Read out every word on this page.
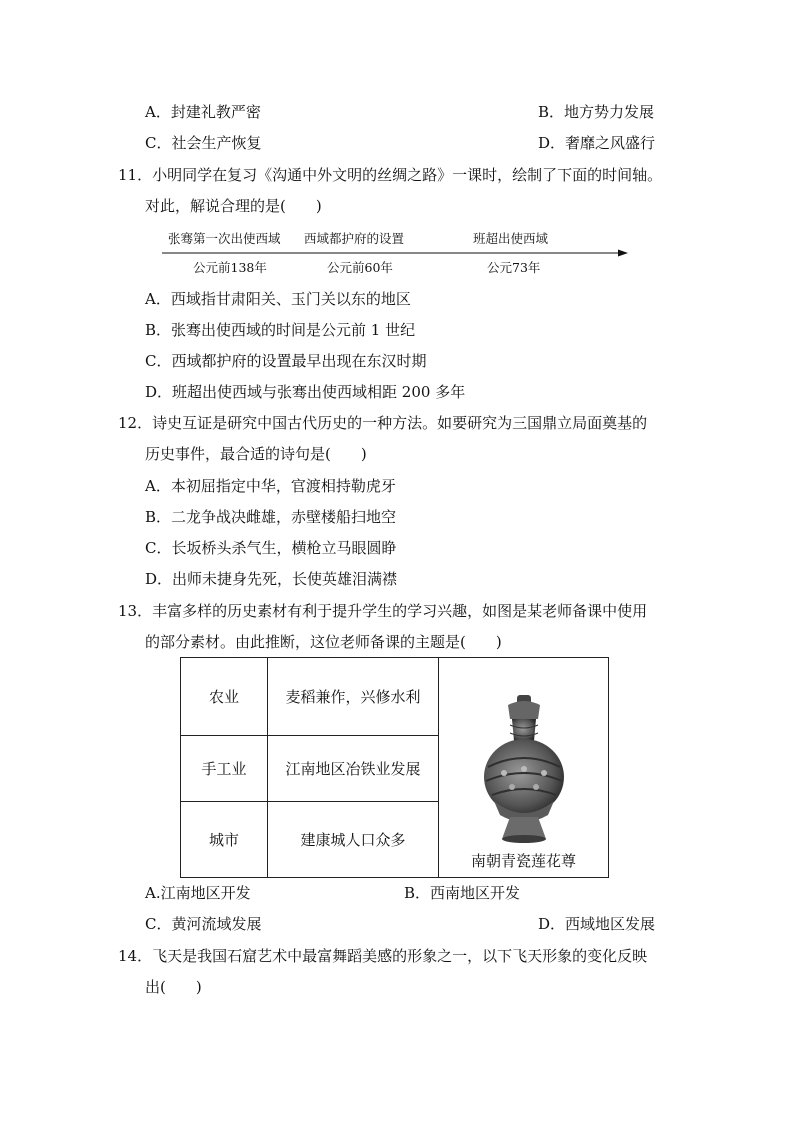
A．封建礼教严密	B．地方势力发展
C．社会生产恢复	D．奢靡之风盛行
11．小明同学在复习《沟通中外文明的丝绸之路》一课时，绘制了下面的时间轴。
对此，解说合理的是(　　)
张骞第一次出使西域 西域都护府的设置	班超出使西域
公元前138年	公元前60年	公元73年
A．西域指甘肃阳关、玉门关以东的地区
B．张骞出使西域的时间是公元前 1 世纪
C．西域都护府的设置最早出现在东汉时期
D．班超出使西域与张骞出使西域相距 200 多年
12．诗史互证是研究中国古代历史的一种方法。如要研究为三国鼎立局面奠基的
历史事件，最合适的诗句是(　　)
A．本初屈指定中华，官渡相持勒虎牙
B．二龙争战决雌雄，赤壁楼船扫地空
C．长坂桥头杀气生，横枪立马眼圆睁
D．出师未捷身先死，长使英雄泪满襟
13．丰富多样的历史素材有利于提升学生的学习兴趣，如图是某老师备课中使用
的部分素材。由此推断，这位老师备课的主题是(　　)
农业	麦稻兼作，兴修水利	南朝青瓷莲花尊

手工业	江南地区冶铁业发展	
城市	建康城人口众多	
A.江南地区开发	B．西南地区开发
C．黄河流域发展	D．西域地区发展
14．飞天是我国石窟艺术中最富舞蹈美感的形象之一，以下飞天形象的变化反映
出(　　)
